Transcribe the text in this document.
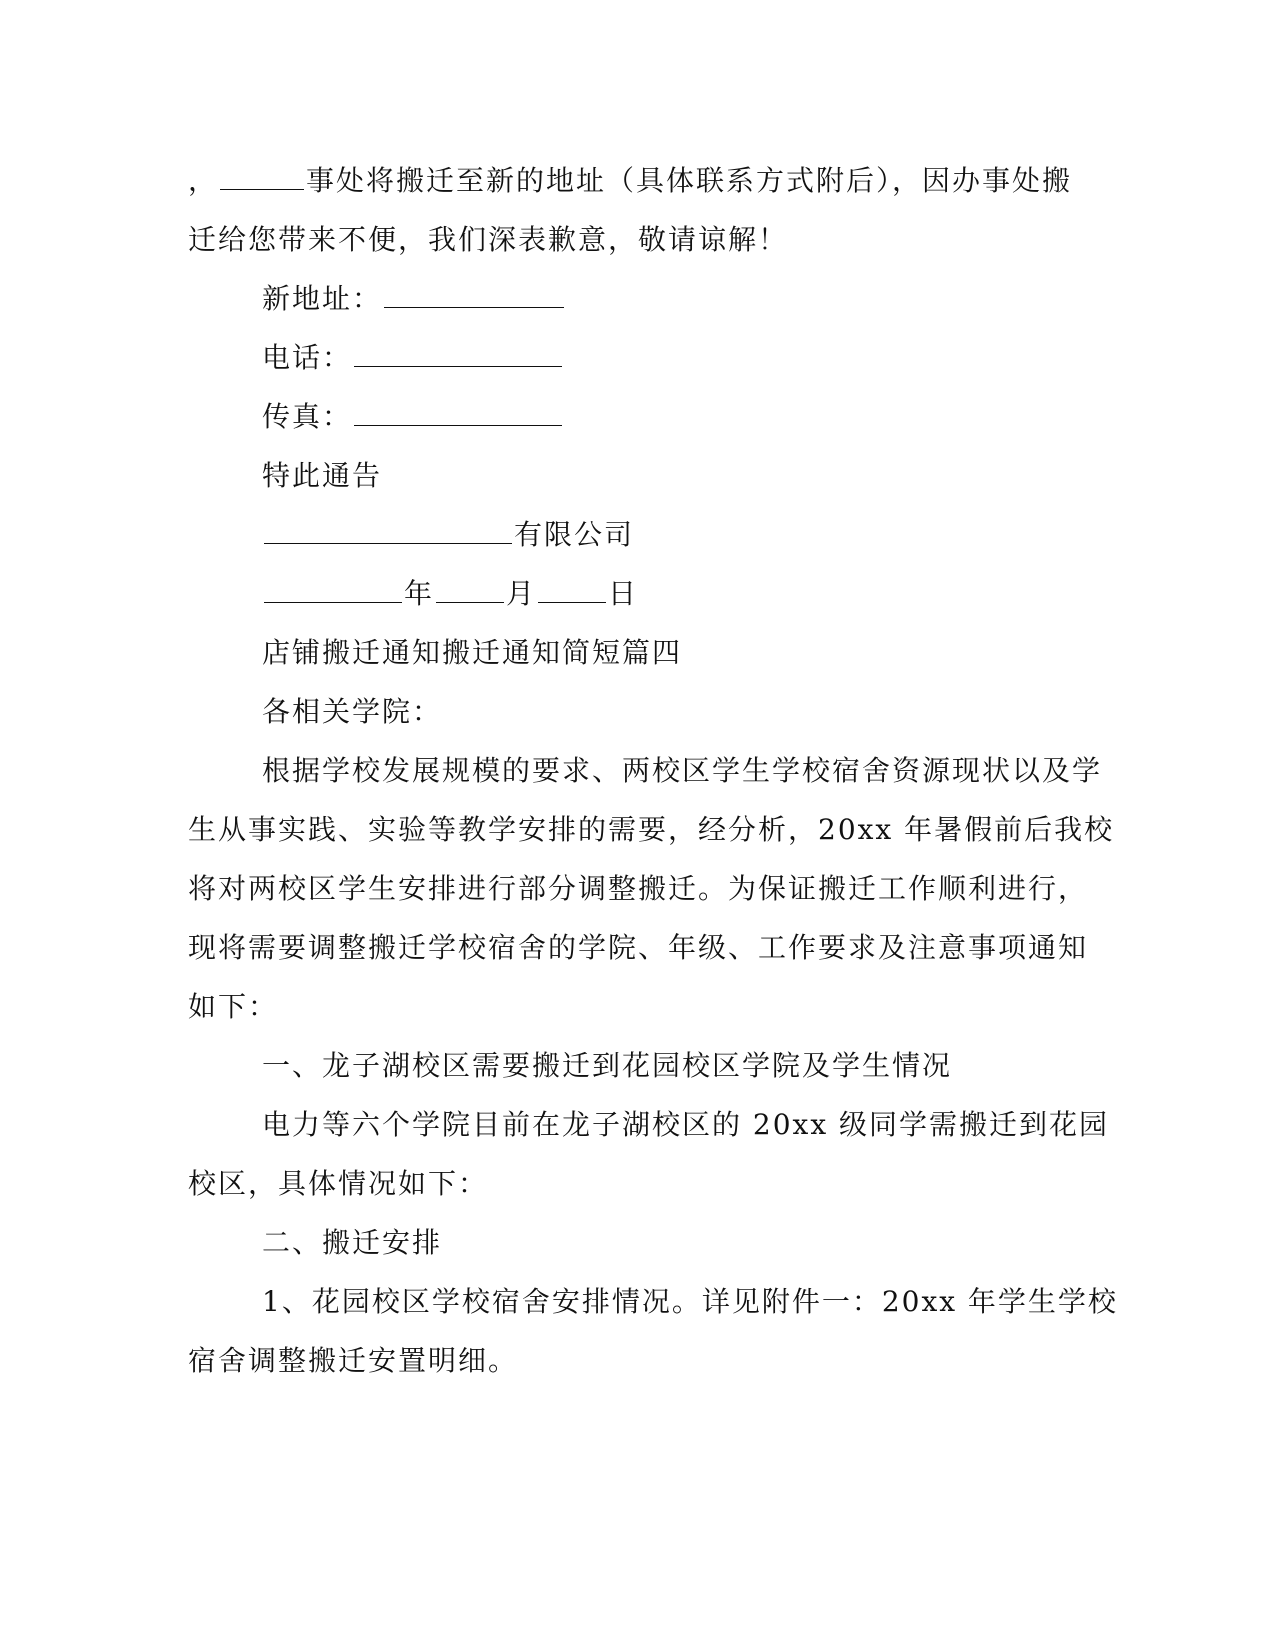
，	事处将搬迁至新的地址（具体联系方式附后），因办事处搬
迁给您带来不便，我们深表歉意，敬请谅解！
新地址：
电话：
传真：
特此通告
有限公司
年	月	日
店铺搬迁通知搬迁通知简短篇四
各相关学院：
根据学校发展规模的要求、两校区学生学校宿舍资源现状以及学
生从事实践、实验等教学安排的需要，经分析，20xx 年暑假前后我校
将对两校区学生安排进行部分调整搬迁。为保证搬迁工作顺利进行，
现将需要调整搬迁学校宿舍的学院、年级、工作要求及注意事项通知
如下：
一、龙子湖校区需要搬迁到花园校区学院及学生情况
电力等六个学院目前在龙子湖校区的 20xx 级同学需搬迁到花园
校区，具体情况如下：
二、搬迁安排
1、花园校区学校宿舍安排情况。详见附件一：20xx 年学生学校
宿舍调整搬迁安置明细。
